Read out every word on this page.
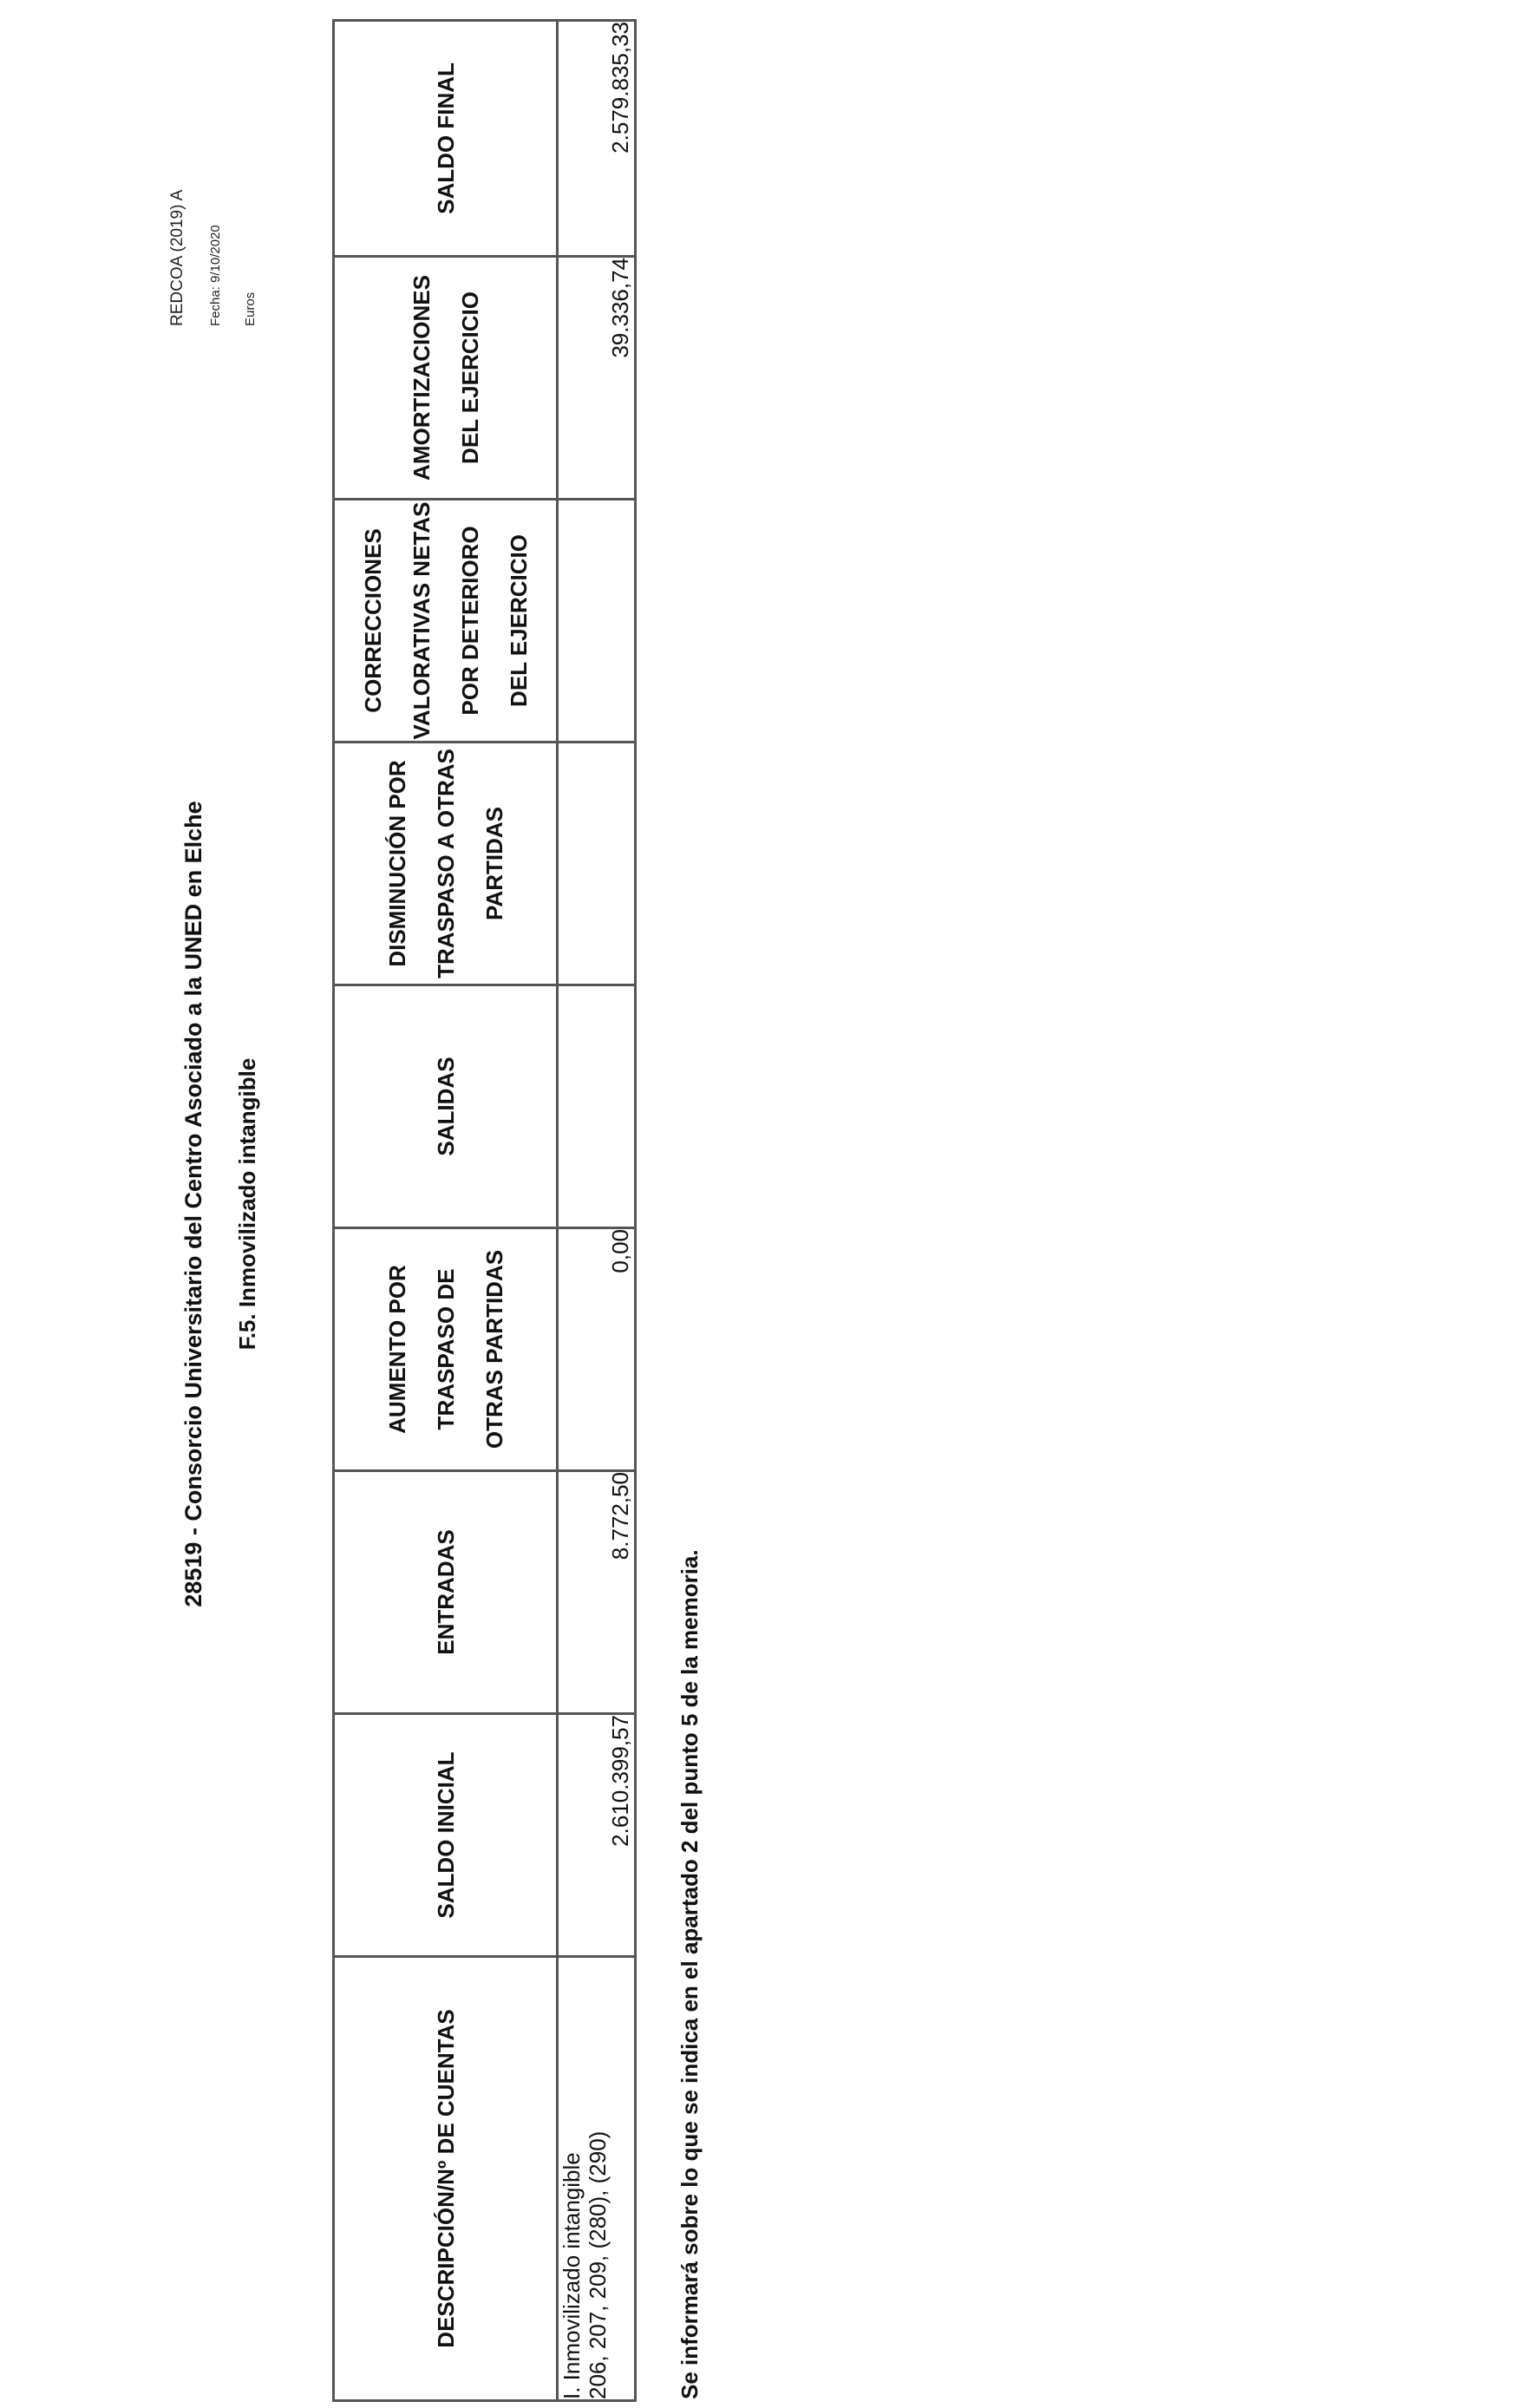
REDCOA (2019) A Fecha: 9/10/2020 Euros
28519 - Consorcio Universitario del Centro Asociado a la UNED en Elche F.5. Inmovilizado intangible
DESCRIPCIÓN/Nº DE CUENTAS	SALDO INICIAL	ENTRADAS	AUMENTO POR TRASPASO DE OTRAS PARTIDAS	SALIDAS	DISMINUCIÓN POR TRASPASO A OTRAS PARTIDAS	CORRECCIONES VALORATIVAS NETAS POR DETERIORO DEL EJERCICIO	AMORTIZACIONES DEL EJERCICIO	SALDO FINAL

I. Inmovilizado intangible 206, 207, 209, (280), (290)	2.610.399,57	8.772,50	0,00				39.336,74	2.579.835,33
Se informará sobre lo que se indica en el apartado 2 del punto 5 de la memoria.
